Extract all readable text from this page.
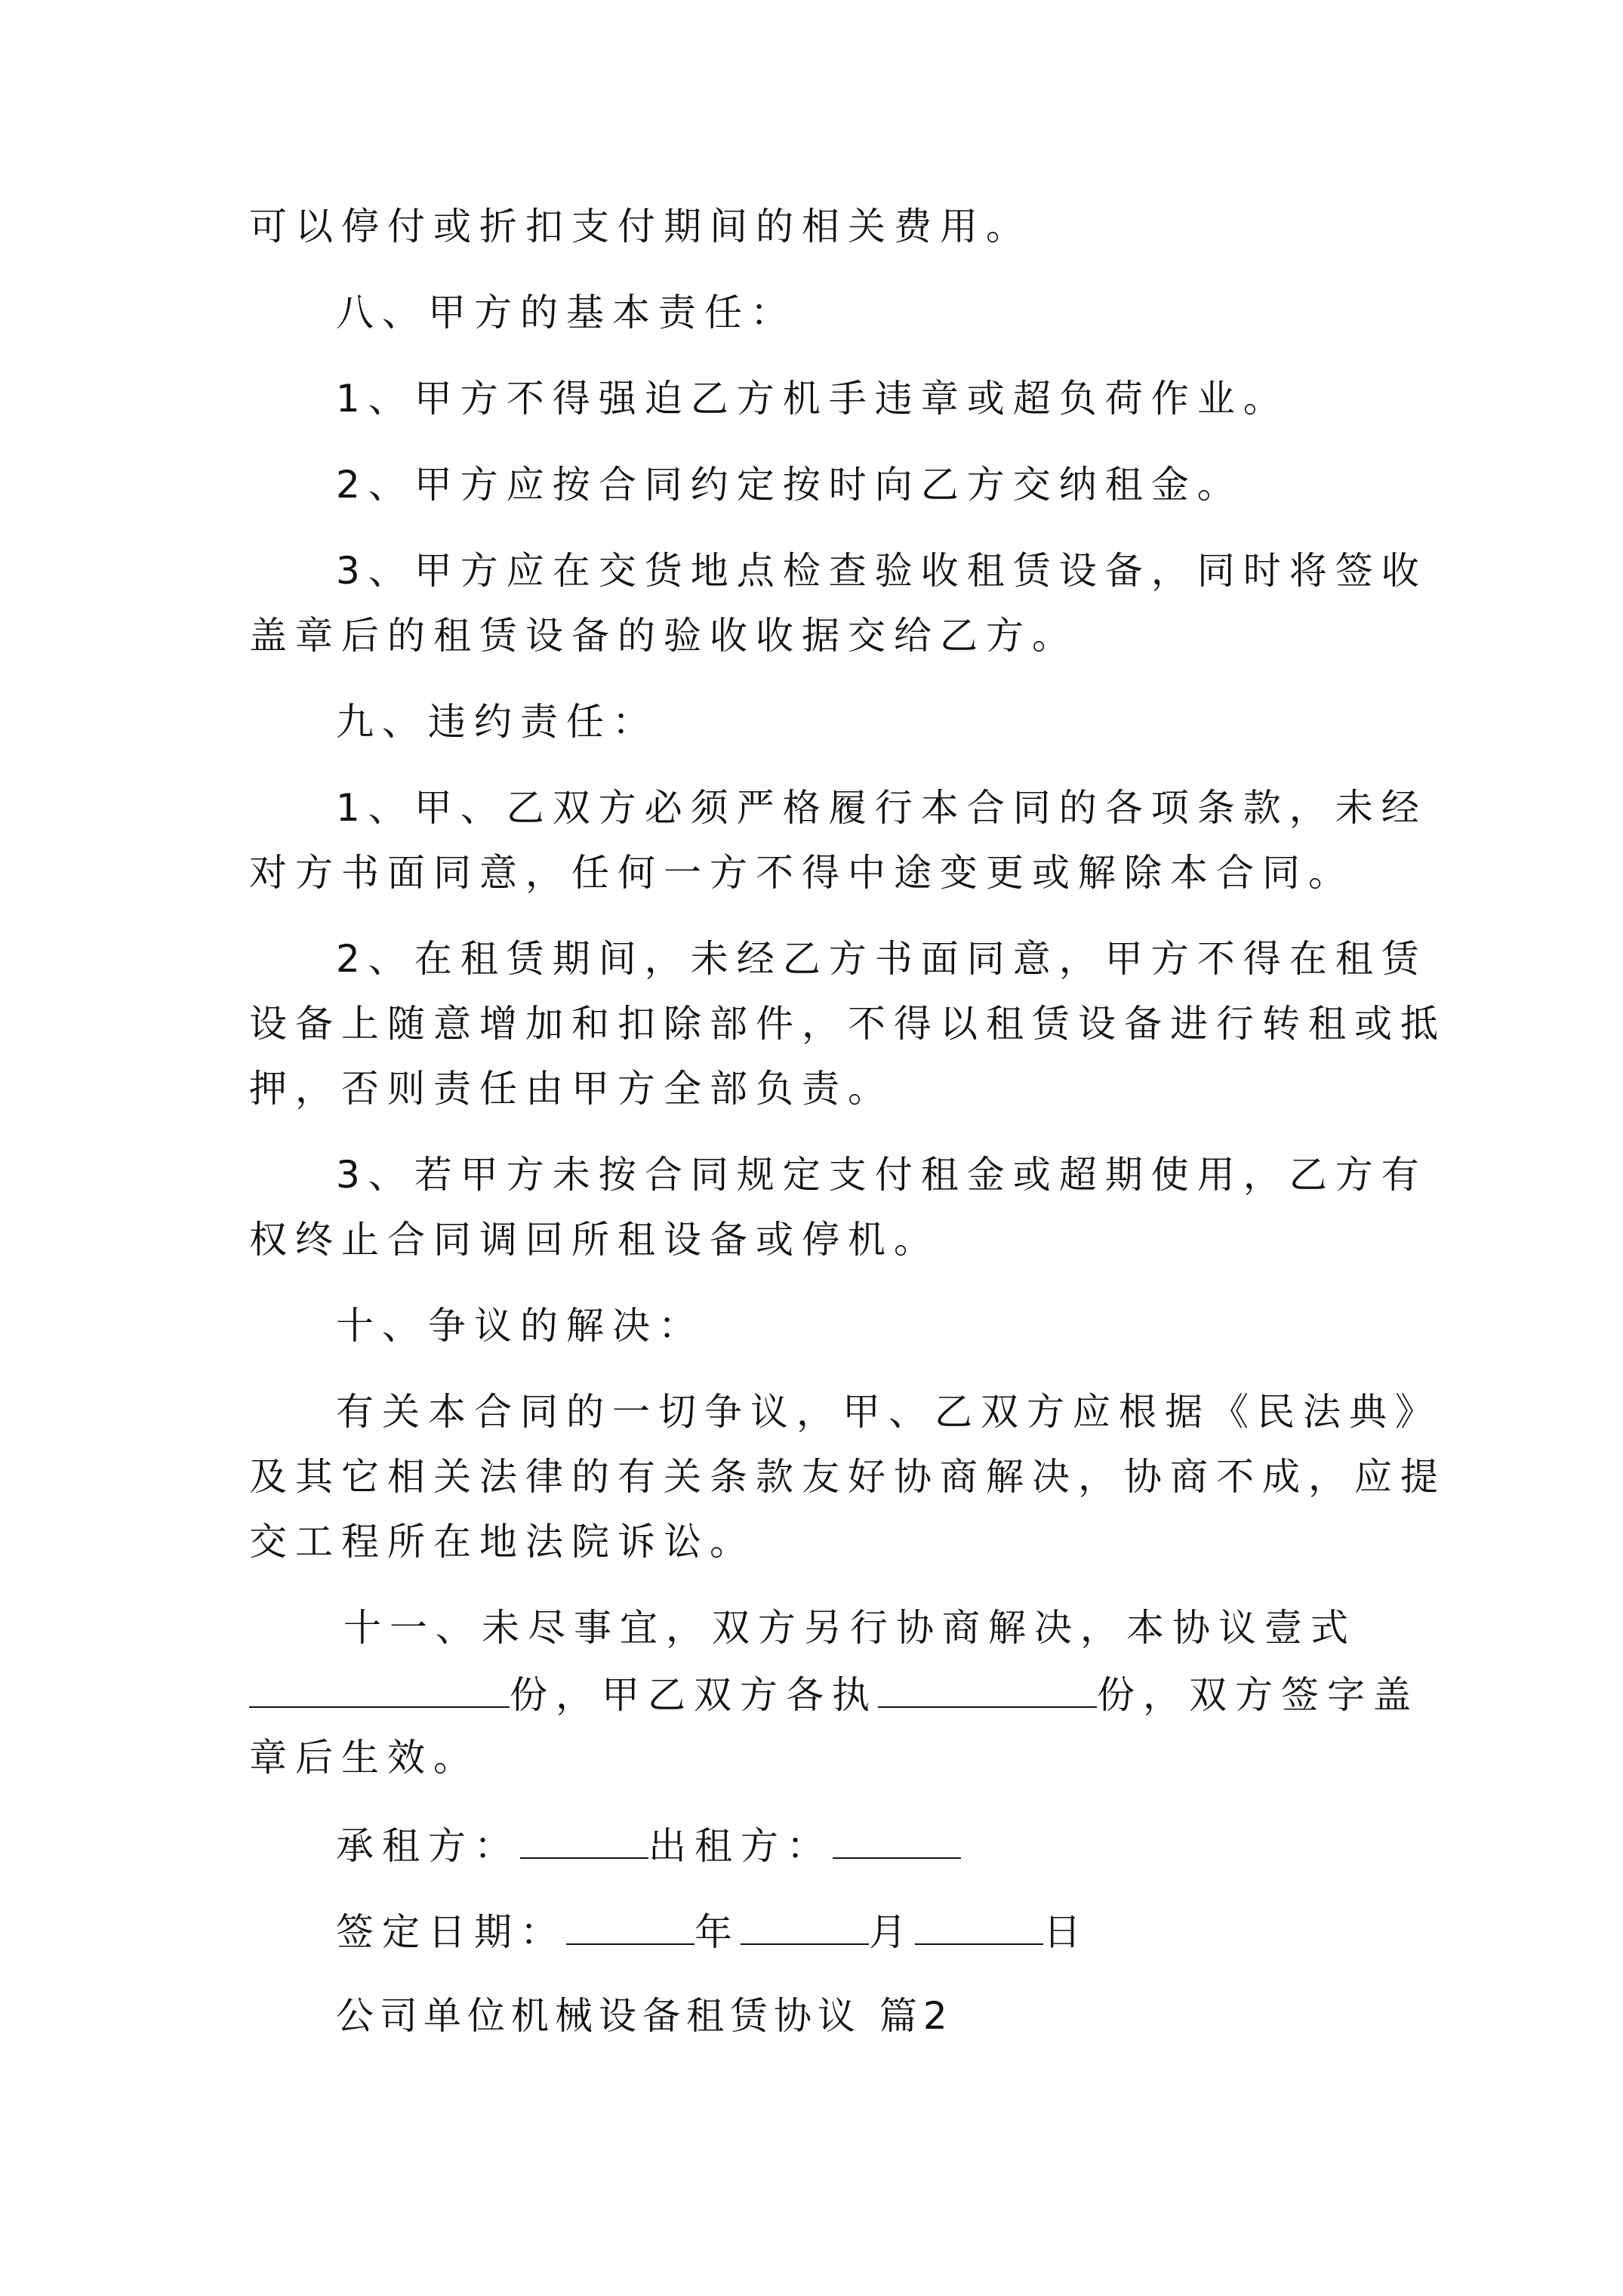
可以停付或折扣支付期间的相关费用。
八、甲方的基本责任：
1、甲方不得强迫乙方机手违章或超负荷作业。
2、甲方应按合同约定按时向乙方交纳租金。
3、甲方应在交货地点检查验收租赁设备，同时将签收
盖章后的租赁设备的验收收据交给乙方。
九、违约责任：
1、甲、乙双方必须严格履行本合同的各项条款，未经
对方书面同意，任何一方不得中途变更或解除本合同。
2、在租赁期间，未经乙方书面同意，甲方不得在租赁
设备上随意增加和扣除部件，不得以租赁设备进行转租或抵
押，否则责任由甲方全部负责。
3、若甲方未按合同规定支付租金或超期使用，乙方有
权终止合同调回所租设备或停机。
十、争议的解决：
有关本合同的一切争议，甲、乙双方应根据《民法典》
及其它相关法律的有关条款友好协商解决，协商不成，应提
交工程所在地法院诉讼。
十一、未尽事宜，双方另行协商解决，本协议壹式
份，甲乙双方各执	份，双方签字盖
章后生效。
承租方：	出租方：
签定日期：	年	月	日
公司单位机械设备租赁协议 篇2
